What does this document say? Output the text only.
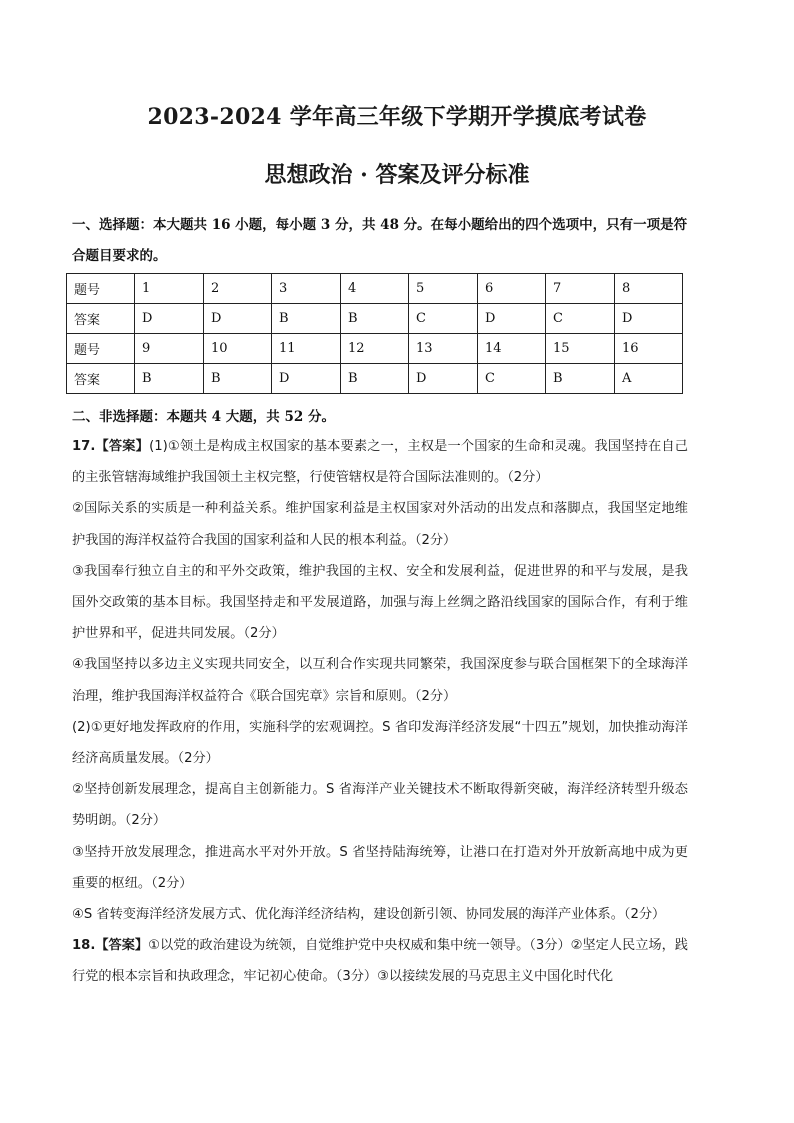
2023-2024 学年高三年级下学期开学摸底考试卷
思想政治 · 答案及评分标准
一、选择题：本大题共 16 小题，每小题 3 分，共 48 分。在每小题给出的四个选项中，只有一项是符合题目要求的。
题号	1	2	3	4	5	6	7	8
答案	D	D	B	B	C	D	C	D
题号	9	10	11	12	13	14	15	16
答案	B	B	D	B	D	C	B	A
二、非选择题：本题共 4 大题，共 52 分。

17.【答案】(1)①领土是构成主权国家的基本要素之一，主权是一个国家的生命和灵魂。我国坚持在自己的主张管辖海域维护我国领土主权完整，行使管辖权是符合国际法准则的。（2分）

②国际关系的实质是一种利益关系。维护国家利益是主权国家对外活动的出发点和落脚点，我国坚定地维护我国的海洋权益符合我国的国家利益和人民的根本利益。（2分）

③我国奉行独立自主的和平外交政策，维护我国的主权、安全和发展利益，促进世界的和平与发展，是我国外交政策的基本目标。我国坚持走和平发展道路，加强与海上丝绸之路沿线国家的国际合作，有利于维护世界和平，促进共同发展。（2分）

④我国坚持以多边主义实现共同安全，以互利合作实现共同繁荣，我国深度参与联合国框架下的全球海洋治理，维护我国海洋权益符合《联合国宪章》宗旨和原则。（2分）

(2)①更好地发挥政府的作用，实施科学的宏观调控。S 省印发海洋经济发展“十四五”规划，加快推动海洋经济高质量发展。（2分）

②坚持创新发展理念，提高自主创新能力。S 省海洋产业关键技术不断取得新突破，海洋经济转型升级态势明朗。（2分）

③坚持开放发展理念，推进高水平对外开放。S 省坚持陆海统筹，让港口在打造对外开放新高地中成为更重要的枢纽。（2分）

④S 省转变海洋经济发展方式、优化海洋经济结构，建设创新引领、协同发展的海洋产业体系。（2分）

18.【答案】①以党的政治建设为统领，自觉维护党中央权威和集中统一领导。（3分）②坚定人民立场，践行党的根本宗旨和执政理念，牢记初心使命。（3分）③以接续发展的马克思主义中国化时代化
